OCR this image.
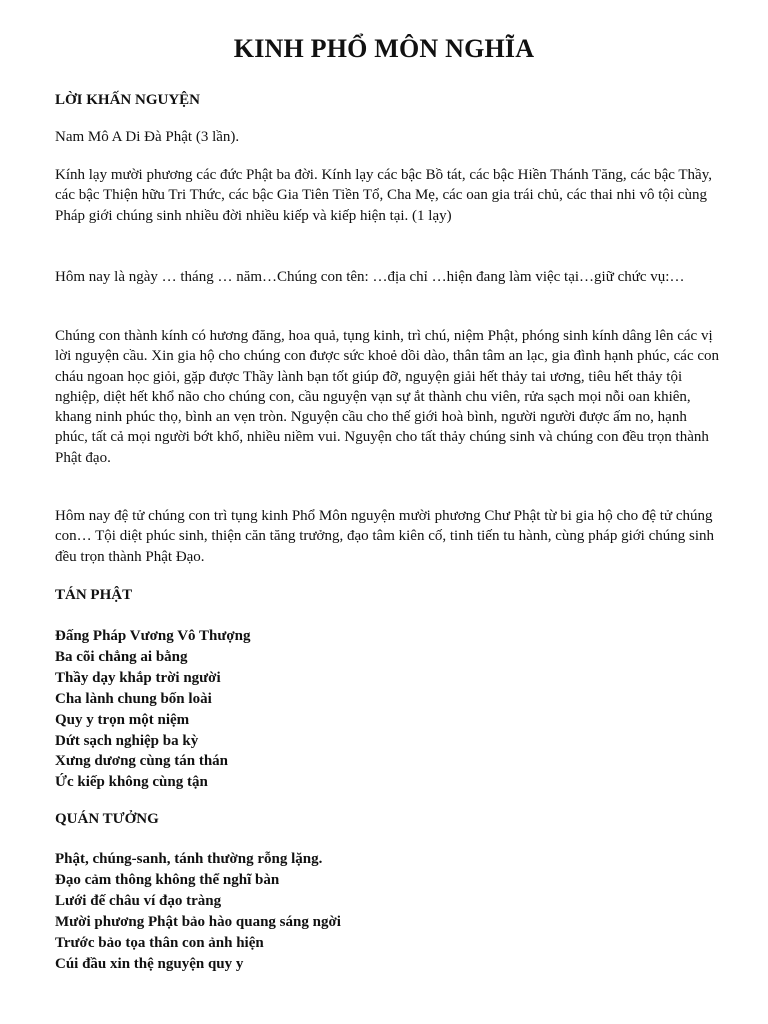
KINH PHỔ MÔN NGHĨA
LỜI KHẤN NGUYỆN

Nam Mô A Di Đà Phật (3 lần).

Kính lạy mười phương các đức Phật ba đời. Kính lạy các bậc Bồ tát, các bậc Hiền Thánh Tăng, các bậc Thầy, các bậc Thiện hữu Tri Thức, các bậc Gia Tiên Tiền Tổ, Cha Mẹ, các oan gia trái chủ, các thai nhi vô tội cùng Pháp giới chúng sinh nhiều đời nhiều kiếp và kiếp hiện tại. (1 lạy)

Hôm nay là ngày … tháng … năm…Chúng con tên: …địa chỉ …hiện đang làm việc tại…giữ chức vụ:…

Chúng con thành kính có hương đăng, hoa quả, tụng kinh, trì chú, niệm Phật, phóng sinh kính dâng lên các vị lời nguyện cầu. Xin gia hộ cho chúng con được sức khoẻ dồi dào, thân tâm an lạc, gia đình hạnh phúc, các con cháu ngoan học giỏi, gặp được Thầy lành bạn tốt giúp đỡ, nguyện giải hết thảy tai ương, tiêu hết thảy tội nghiệp, diệt hết khổ não cho chúng con, cầu nguyện vạn sự ắt thành chu viên, rửa sạch mọi nỗi oan khiên, khang ninh phúc thọ, bình an vẹn tròn. Nguyện cầu cho thế giới hoà bình, người người được ấm no, hạnh phúc, tất cả mọi người bớt khổ, nhiều niềm vui. Nguyện cho tất thảy chúng sinh và chúng con đều trọn thành Phật đạo.

Hôm nay đệ tử chúng con trì tụng kinh Phổ Môn nguyện mười phương Chư Phật từ bi gia hộ cho đệ tử chúng con… Tội diệt phúc sinh, thiện căn tăng trưởng, đạo tâm kiên cố, tinh tiến tu hành, cùng pháp giới chúng sinh đều trọn thành Phật Đạo.

TÁN PHẬT
Đấng Pháp Vương Vô Thượng
Ba cõi chẳng ai bằng
Thầy dạy khắp trời người
Cha lành chung bốn loài
Quy y trọn một niệm
Dứt sạch nghiệp ba kỳ
Xưng dương cùng tán thán
Ức kiếp không cùng tận
QUÁN TƯỞNG
Phật, chúng-sanh, tánh thường rỗng lặng.
Đạo cảm thông không thể nghĩ bàn
Lưới đế châu ví đạo tràng
Mười phương Phật bảo hào quang sáng ngời
Trước bảo tọa thân con ảnh hiện
Cúi đầu xin thệ nguyện quy y
